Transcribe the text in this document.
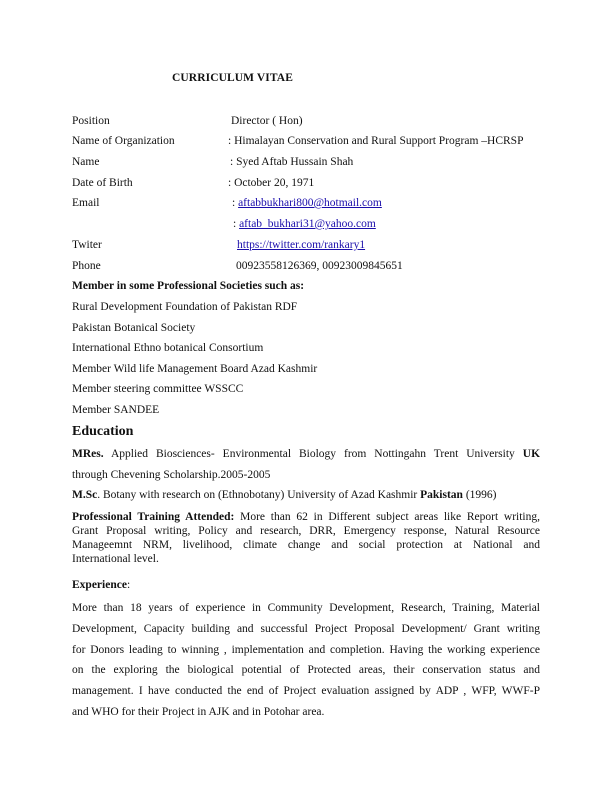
CURRICULUM VITAE
Position	Director ( Hon)
Name of Organization	: Himalayan Conservation and Rural Support Program –HCRSP
Name	: Syed Aftab Hussain Shah
Date of Birth	: October 20, 1971
Email	: aftabbukhari800@hotmail.com
: aftab_bukhari31@yahoo.com
Twiter	https://twitter.com/rankary1
Phone	00923558126369, 00923009845651
Member in some Professional Societies such as:
Rural Development Foundation of Pakistan RDF
Pakistan Botanical Society
International Ethno botanical Consortium
Member Wild life Management Board Azad Kashmir
Member steering committee WSSCC
Member SANDEE
Education
MRes. Applied Biosciences- Environmental Biology from Nottingahn Trent University UK
through Chevening Scholarship.2005-2005
M.Sc. Botany with research on (Ethnobotany) University of Azad Kashmir Pakistan (1996)
Professional Training Attended: More than 62 in Different subject areas like Report writing,
Grant Proposal writing, Policy and research, DRR, Emergency response, Natural Resource
Manageemnt NRM, livelihood, climate change and social protection at National and
International level.
Experience:
More than 18 years of experience in Community Development, Research, Training, Material
Development, Capacity building and successful Project Proposal Development/ Grant writing
for Donors leading to winning , implementation and completion. Having the working experience
on the exploring the biological potential of Protected areas, their conservation status and
management. I have conducted the end of Project evaluation assigned by ADP , WFP, WWF-P
and WHO for their Project in AJK and in Potohar area.
